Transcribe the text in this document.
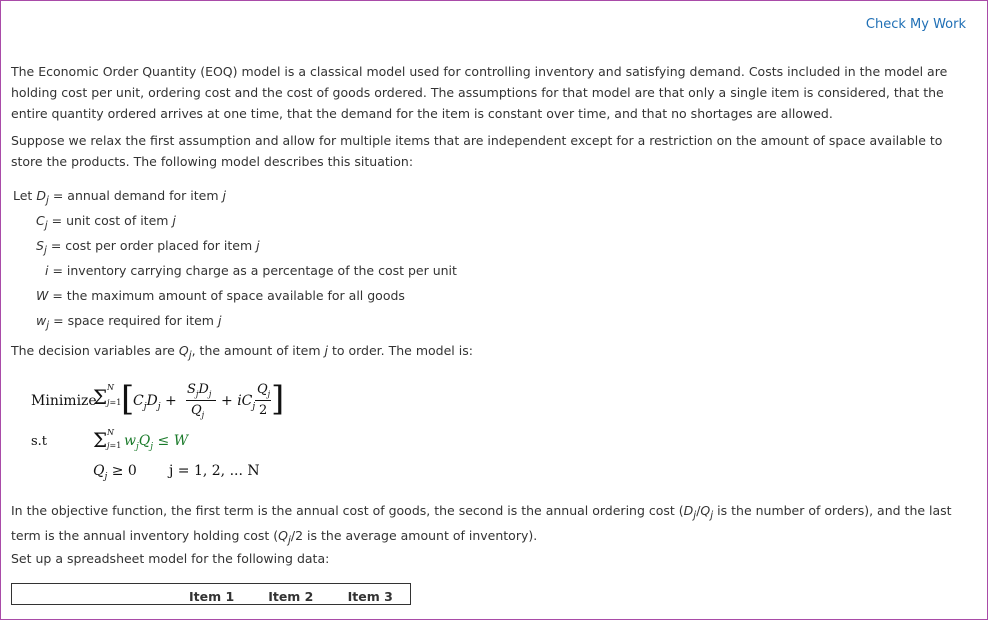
Check My Work

The Economic Order Quantity (EOQ) model is a classical model used for controlling inventory and satisfying demand. Costs included in the model are holding cost per unit, ordering cost and the cost of goods ordered. The assumptions for that model are that only a single item is considered, that the entire quantity ordered arrives at one time, that the demand for the item is constant over time, and that no shortages are allowed.

Suppose we relax the first assumption and allow for multiple items that are independent except for a restriction on the amount of space available to store the products. The following model describes this situation:

Let $D_j$ = annual demand for item j
$C_j$ = unit cost of item j
$S_j = \cos t$ per order placed for item j
i = inventory carrying charge as a percentage of the cost per unit
W = the maximum amount of space available for all goods
$w_j$ = space required for item j

The decision variables are $Q_j$, the amount of item j to order. The model is:

Minimize
Σ N
j=1 [
$C_jD_j$ +
$S_jD_j$
$Q_j$
+ $iC_j$
$Q_j$
2 ]
s.t Σ N
j=1 $w_jQ_j \le W$
$Q_j \ge 0$ j = 1, 2, ... N

In the objective function, the first term is the annual cost of goods, the second is the annual ordering cost ($D_j/Q_j$ is the number of orders), and the last term is the annual inventory holding cost ($Q_j/2$ is the average amount of inventory).

Set up a spreadsheet model for the following data:

	Item 1	Item 2	Item 3
